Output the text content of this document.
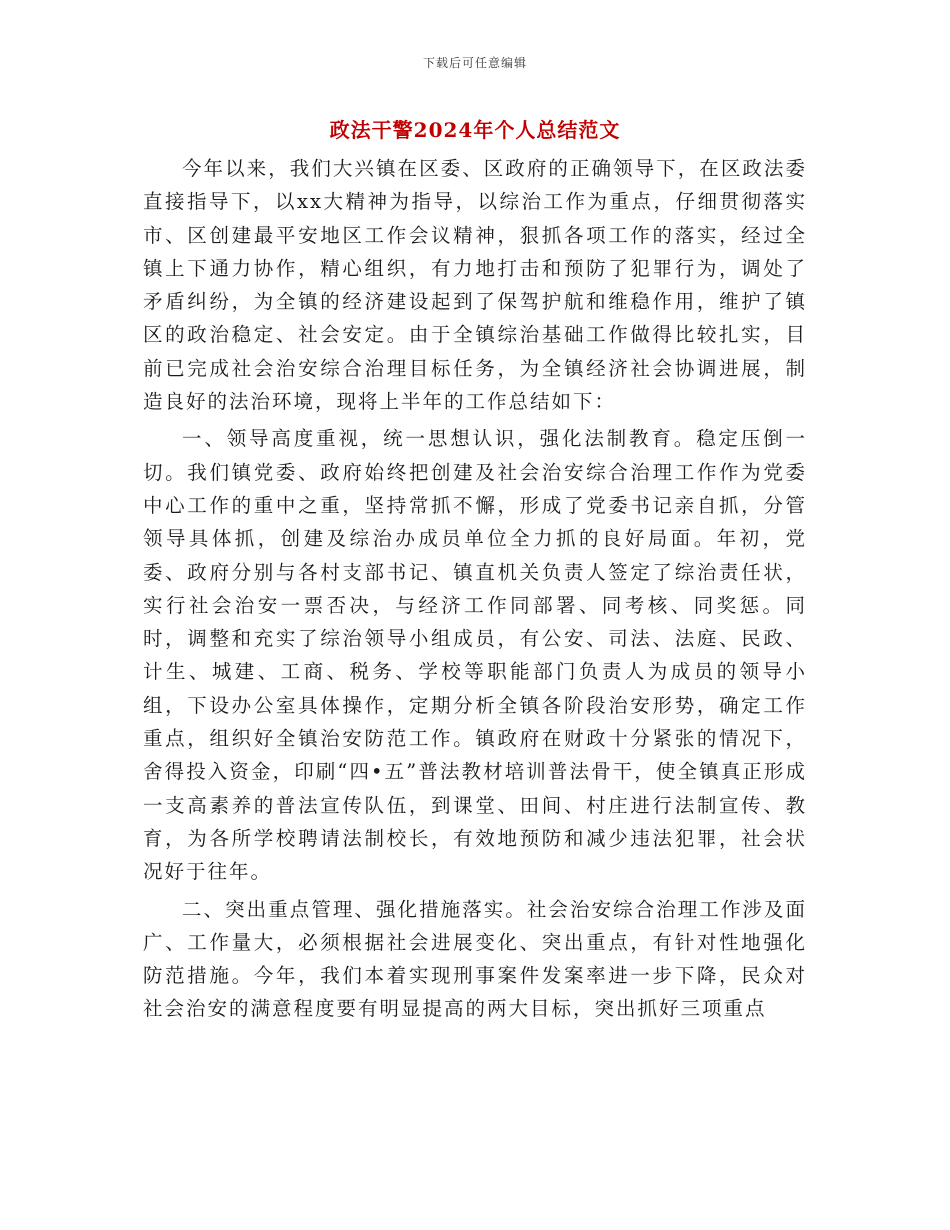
下载后可任意编辑
政法干警2024年个人总结范文

今年以来，我们大兴镇在区委、区政府的正确领导下，在区政法委直接指导下，以xx大精神为指导，以综治工作为重点，仔细贯彻落实市、区创建最平安地区工作会议精神，狠抓各项工作的落实，经过全镇上下通力协作，精心组织，有力地打击和预防了犯罪行为，调处了矛盾纠纷，为全镇的经济建设起到了保驾护航和维稳作用，维护了镇区的政治稳定、社会安定。由于全镇综治基础工作做得比较扎实，目前已完成社会治安综合治理目标任务，为全镇经济社会协调进展，制造良好的法治环境，现将上半年的工作总结如下：

一、领导高度重视，统一思想认识，强化法制教育。稳定压倒一切。我们镇党委、政府始终把创建及社会治安综合治理工作作为党委中心工作的重中之重，坚持常抓不懈，形成了党委书记亲自抓，分管领导具体抓，创建及综治办成员单位全力抓的良好局面。年初，党委、政府分别与各村支部书记、镇直机关负责人签定了综治责任状，实行社会治安一票否决，与经济工作同部署、同考核、同奖惩。同时，调整和充实了综治领导小组成员，有公安、司法、法庭、民政、计生、城建、工商、税务、学校等职能部门负责人为成员的领导小组，下设办公室具体操作，定期分析全镇各阶段治安形势，确定工作重点，组织好全镇治安防范工作。镇政府在财政十分紧张的情况下，舍得投入资金，印刷“四•五”普法教材培训普法骨干，使全镇真正形成一支高素养的普法宣传队伍，到课堂、田间、村庄进行法制宣传、教育，为各所学校聘请法制校长，有效地预防和减少违法犯罪，社会状况好于往年。

二、突出重点管理、强化措施落实。社会治安综合治理工作涉及面广、工作量大，必须根据社会进展变化、突出重点，有针对性地强化防范措施。今年，我们本着实现刑事案件发案率进一步下降，民众对社会治安的满意程度要有明显提高的两大目标，突出抓好三项重点
